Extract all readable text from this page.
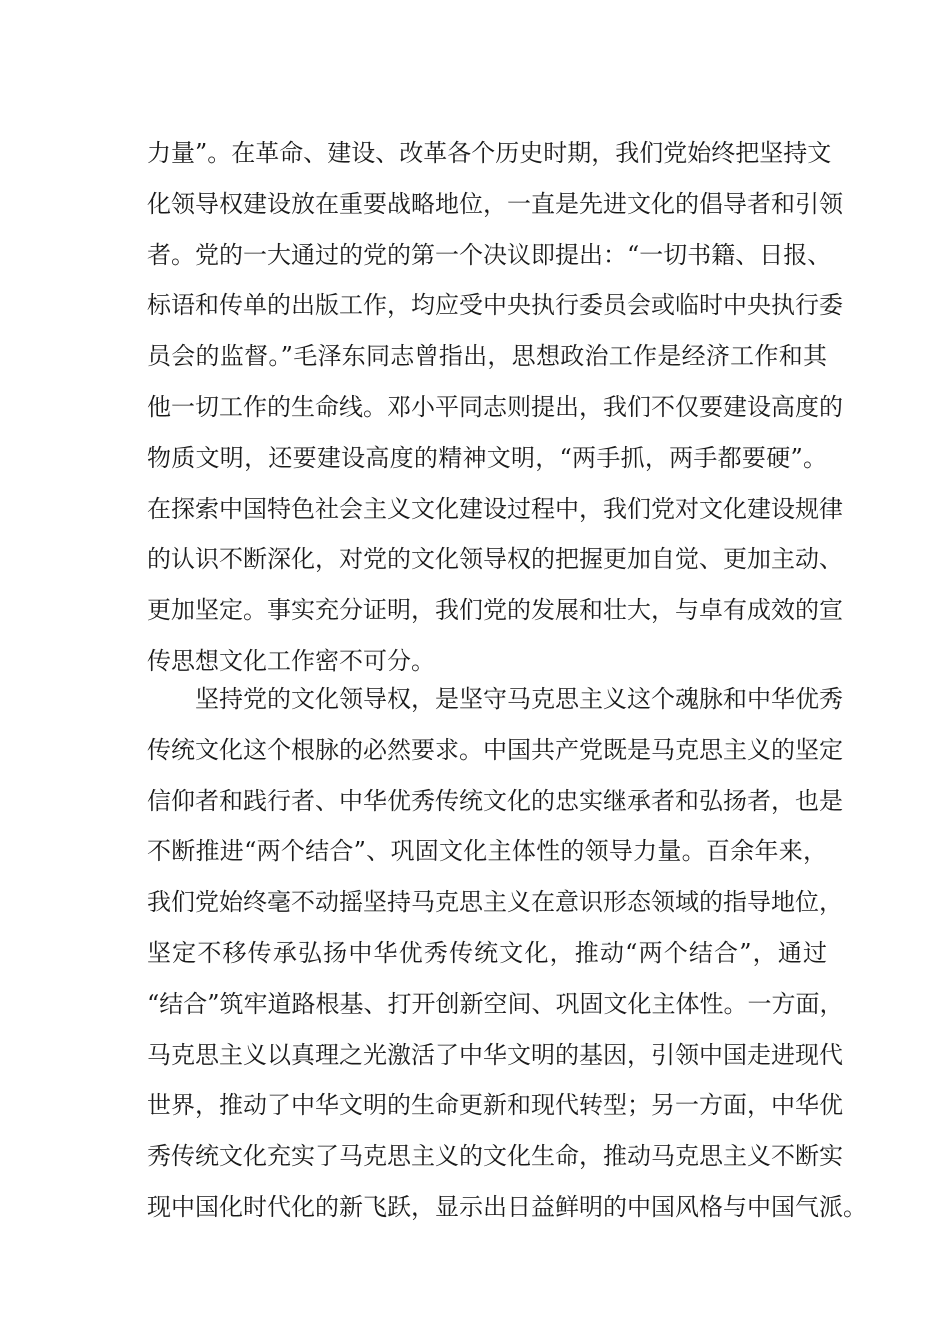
力量”。在革命、建设、改革各个历史时期，我们党始终把坚持文
化领导权建设放在重要战略地位，一直是先进文化的倡导者和引领
者。党的一大通过的党的第一个决议即提出：“一切书籍、日报、
标语和传单的出版工作，均应受中央执行委员会或临时中央执行委
员会的监督。”毛泽东同志曾指出，思想政治工作是经济工作和其
他一切工作的生命线。邓小平同志则提出，我们不仅要建设高度的
物质文明，还要建设高度的精神文明，“两手抓，两手都要硬”。
在探索中国特色社会主义文化建设过程中，我们党对文化建设规律
的认识不断深化，对党的文化领导权的把握更加自觉、更加主动、
更加坚定。事实充分证明，我们党的发展和壮大，与卓有成效的宣
传思想文化工作密不可分。
坚持党的文化领导权，是坚守马克思主义这个魂脉和中华优秀
传统文化这个根脉的必然要求。中国共产党既是马克思主义的坚定
信仰者和践行者、中华优秀传统文化的忠实继承者和弘扬者，也是
不断推进“两个结合”、巩固文化主体性的领导力量。百余年来，
我们党始终毫不动摇坚持马克思主义在意识形态领域的指导地位，
坚定不移传承弘扬中华优秀传统文化，推动“两个结合”，通过
“结合”筑牢道路根基、打开创新空间、巩固文化主体性。一方面，
马克思主义以真理之光激活了中华文明的基因，引领中国走进现代
世界，推动了中华文明的生命更新和现代转型；另一方面，中华优
秀传统文化充实了马克思主义的文化生命，推动马克思主义不断实
现中国化时代化的新飞跃，显示出日益鲜明的中国风格与中国气派。
